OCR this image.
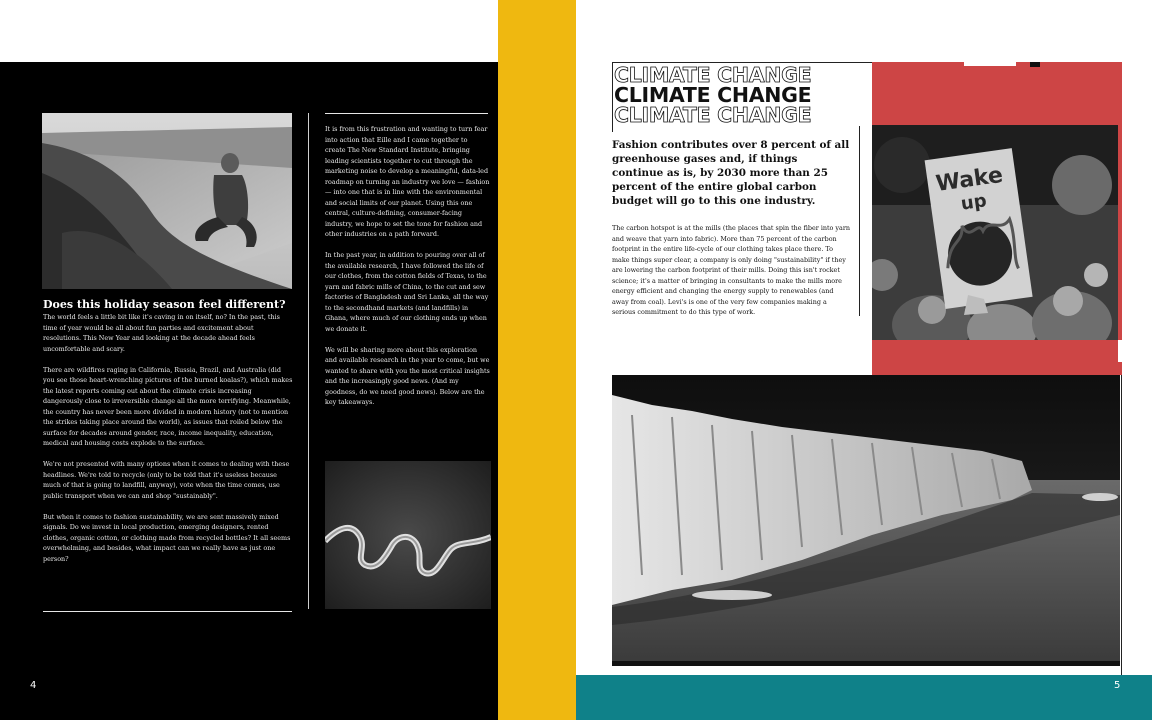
Does this holiday season feel different?

The world feels a little bit like it's caving in on itself, no? In the past, this time of year would be all about fun parties and excitement about resolutions. This New Year and looking at the decade ahead feels uncomfortable and scary.

There are wildfires raging in California, Russia, Brazil, and Australia (did you see those heart-wrenching pictures of the burned koalas?), which makes the latest reports coming out about the climate crisis increasing dangerously close to irreversible change all the more terrifying. Meanwhile, the country has never been more divided in modern history (not to mention the strikes taking place around the world), as issues that roiled below the surface for decades around gender, race, income inequality, education, medical and housing costs explode to the surface.

We're not presented with many options when it comes to dealing with these headlines. We're told to recycle (only to be told that it's useless because much of that is going to landfill, anyway), vote when the time comes, use public transport when we can and shop "sustainably".

But when it comes to fashion sustainability, we are sent massively mixed signals. Do we invest in local production, emerging designers, rented clothes, organic cotton, or clothing made from recycled bottles? It all seems overwhelming, and besides, what impact can we really have as just one person?

It is from this frustration and wanting to turn fear into action that Eille and I came together to create The New Standard Institute, bringing leading scientists together to cut through the marketing noise to develop a meaningful, data-led roadmap on turning an industry we love — fashion — into one that is in line with the environmental and social limits of our planet. Using this one central, culture-defining, consumer-facing industry, we hope to set the tone for fashion and other industries on a path forward.

In the past year, in addition to pouring over all of the available research, I have followed the life of our clothes, from the cotton fields of Texas, to the yarn and fabric mills of China, to the cut and sew factories of Bangladesh and Sri Lanka, all the way to the secondhand markets (and landfills) in Ghana, where much of our clothing ends up when we donate it.

We will be sharing more about this exploration and available research in the year to come, but we wanted to share with you the most critical insights and the increasingly good news. (And my goodness, do we need good news). Below are the key takeaways.

4
Wake
up
CLIMATE CHANGE
CLIMATE CHANGE
CLIMATE CHANGE
Fashion contributes over 8 percent of all greenhouse gases and, if things continue as is, by 2030 more than 25 percent of the entire global carbon budget will go to this one industry.
The carbon hotspot is at the mills (the places that spin the fiber into yarn and weave that yarn into fabric). More than 75 percent of the carbon footprint in the entire life-cycle of our clothing takes place there. To make things super clear, a company is only doing "sustainability" if they are lowering the carbon footprint of their mills. Doing this isn't rocket science; it's a matter of bringing in consultants to make the mills more energy efficient and changing the energy supply to renewables (and away from coal). Levi's is one of the very few companies making a serious commitment to do this type of work.
5
